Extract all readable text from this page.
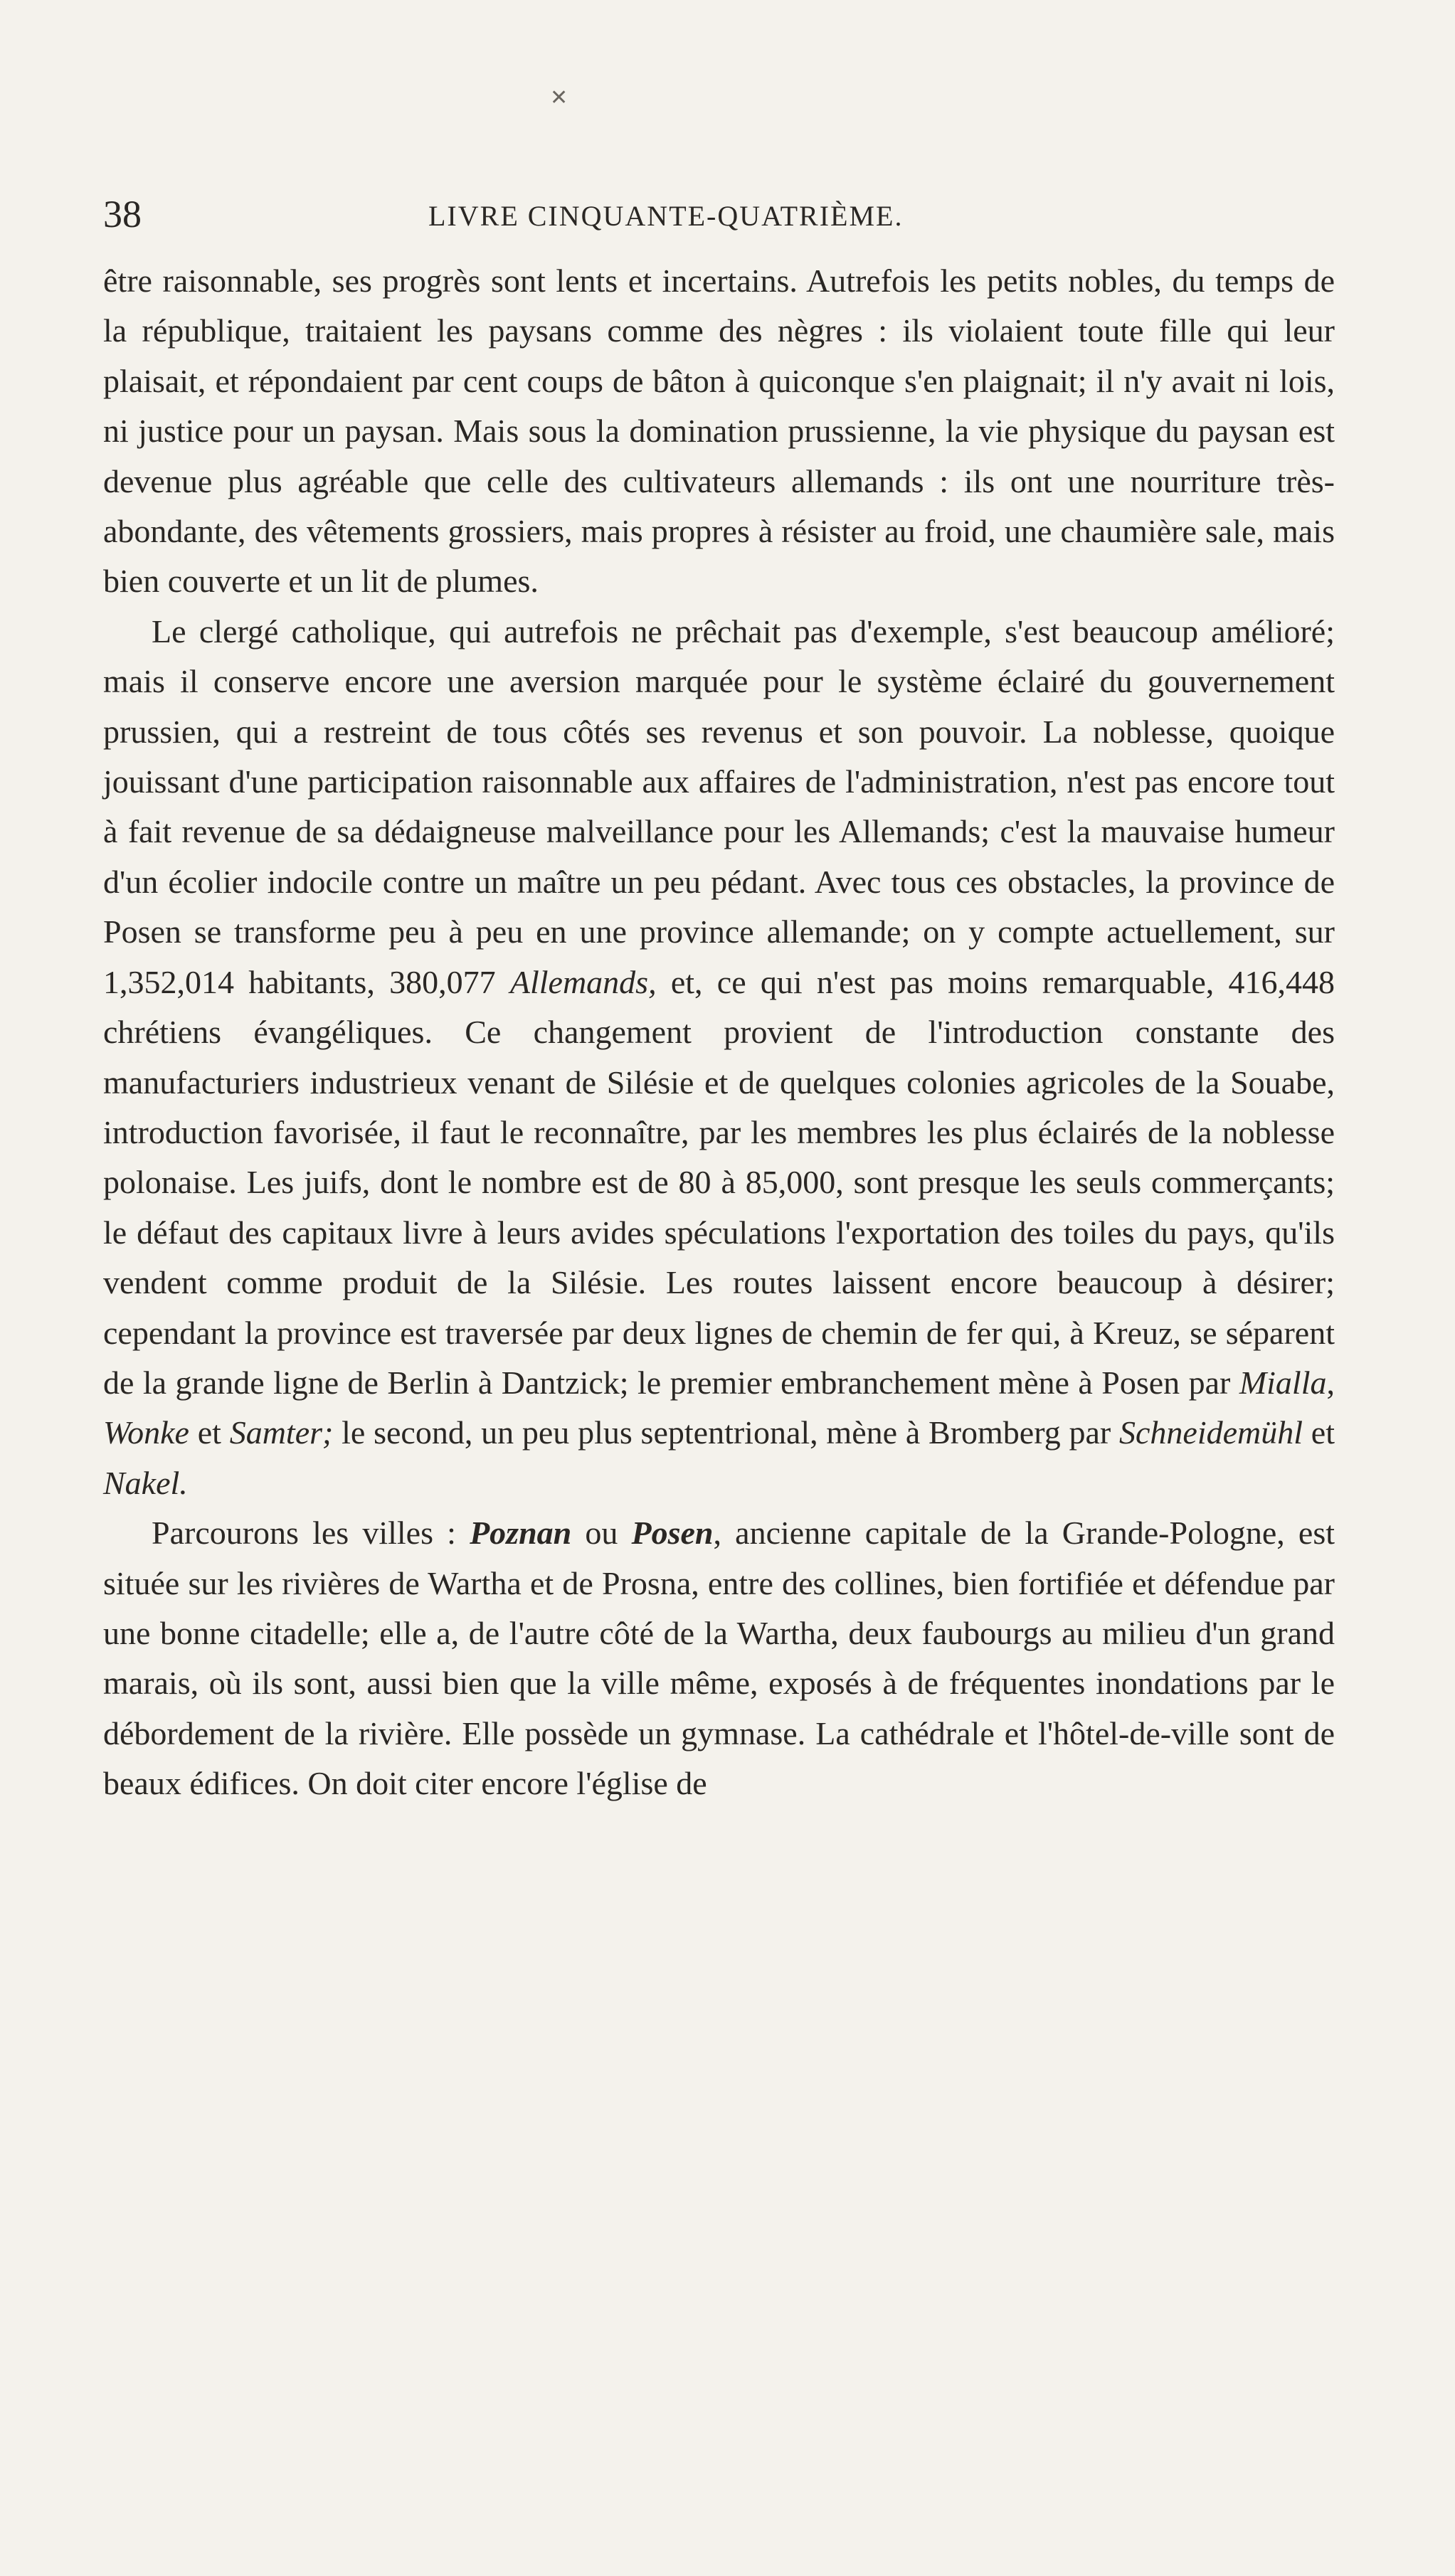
✕
38	LIVRE CINQUANTE-QUATRIÈME.

être raisonnable, ses progrès sont lents et incertains. Autrefois les petits nobles, du temps de la république, traitaient les paysans comme des nègres : ils violaient toute fille qui leur plaisait, et répondaient par cent coups de bâton à quiconque s'en plaignait; il n'y avait ni lois, ni justice pour un paysan. Mais sous la domination prussienne, la vie physique du paysan est devenue plus agréable que celle des cultivateurs allemands : ils ont une nourriture très-abondante, des vêtements grossiers, mais propres à résister au froid, une chaumière sale, mais bien couverte et un lit de plumes.

Le clergé catholique, qui autrefois ne prêchait pas d'exemple, s'est beaucoup amélioré; mais il conserve encore une aversion marquée pour le système éclairé du gouvernement prussien, qui a restreint de tous côtés ses revenus et son pouvoir. La noblesse, quoique jouissant d'une participation raisonnable aux affaires de l'administration, n'est pas encore tout à fait revenue de sa dédaigneuse malveillance pour les Allemands; c'est la mauvaise humeur d'un écolier indocile contre un maître un peu pédant. Avec tous ces obstacles, la province de Posen se transforme peu à peu en une province allemande; on y compte actuellement, sur 1,352,014 habitants, 380,077 Allemands, et, ce qui n'est pas moins remarquable, 416,448 chrétiens évangéliques. Ce changement provient de l'introduction constante des manufacturiers industrieux venant de Silésie et de quelques colonies agricoles de la Souabe, introduction favorisée, il faut le reconnaître, par les membres les plus éclairés de la noblesse polonaise. Les juifs, dont le nombre est de 80 à 85,000, sont presque les seuls commerçants; le défaut des capitaux livre à leurs avides spéculations l'exportation des toiles du pays, qu'ils vendent comme produit de la Silésie. Les routes laissent encore beaucoup à désirer; cependant la province est traversée par deux lignes de chemin de fer qui, à Kreuz, se séparent de la grande ligne de Berlin à Dantzick; le premier embranchement mène à Posen par Mialla, Wonke et Samter; le second, un peu plus septentrional, mène à Bromberg par Schneidemühl et Nakel.

Parcourons les villes : Poznan ou Posen, ancienne capitale de la Grande-Pologne, est située sur les rivières de Wartha et de Prosna, entre des collines, bien fortifiée et défendue par une bonne citadelle; elle a, de l'autre côté de la Wartha, deux faubourgs au milieu d'un grand marais, où ils sont, aussi bien que la ville même, exposés à de fréquentes inondations par le débordement de la rivière. Elle possède un gymnase. La cathédrale et l'hôtel-de-ville sont de beaux édifices. On doit citer encore l'église de
